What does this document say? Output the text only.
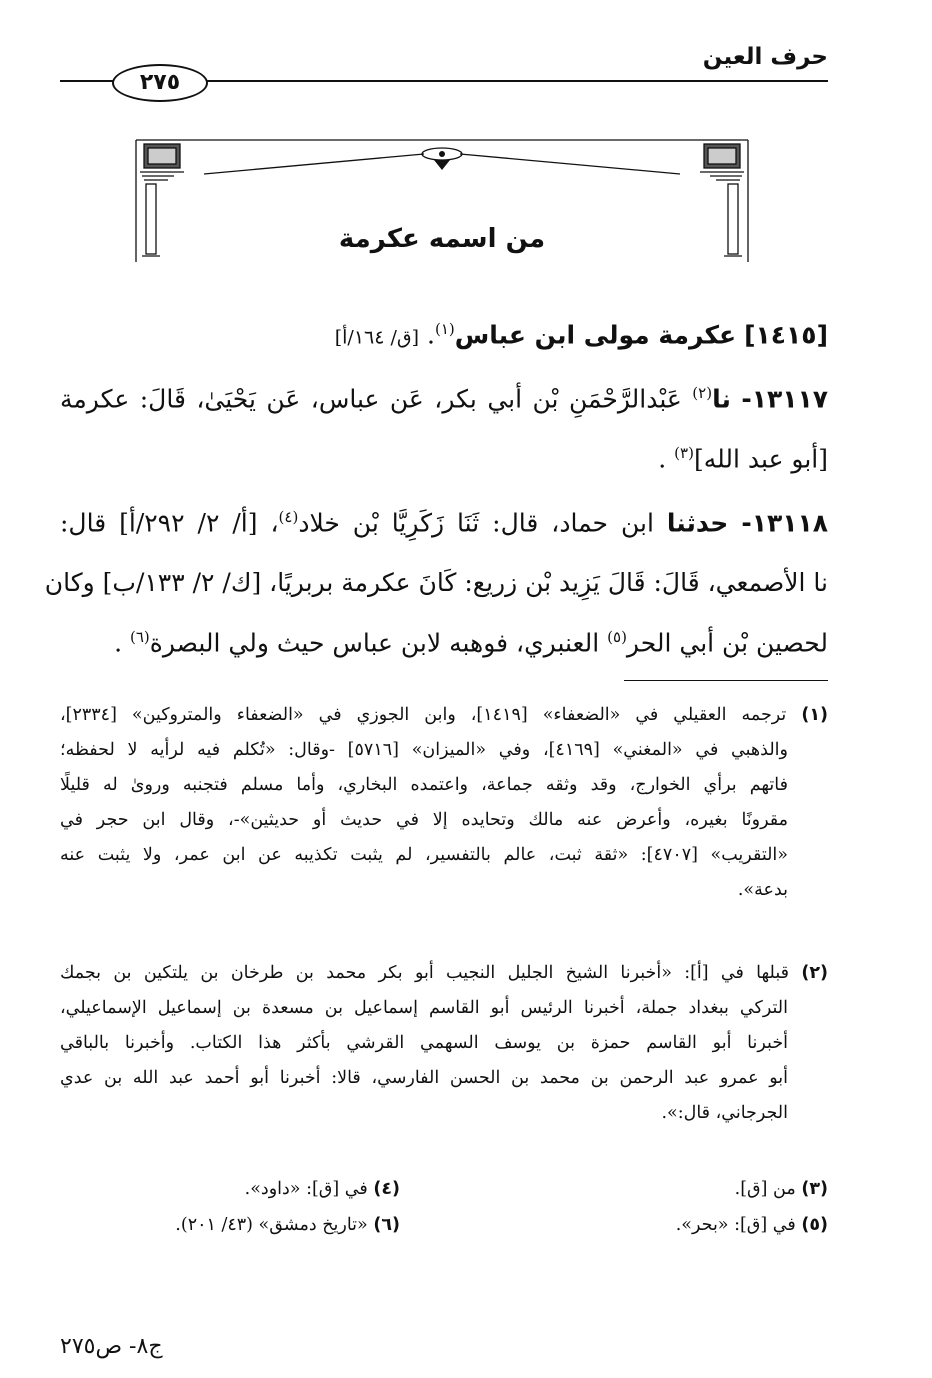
حرف العين
٢٧٥
من اسمه عكرمة
[١٤١٥] عكرمة مولى ابن عباس$^{(١)}$. [ق/ ١٦٤/أ]
١٣١١٧- نا$^{(٢)}$ عَبْدالرَّحْمَنِ بْن أبي بكر، عَن عباس، عَن يَحْيَىٰ، قَالَ: عكرمة
[أبو عبد الله]$^{(٣)}$ .
١٣١١٨- حدثنا ابن حماد، قال: ثَنَا زَكَرِيَّا بْن خلاد$^{(٤)}$، [أ/ ٢/ ٢٩٢/أ] قال:
نا الأصمعي، قَالَ: قَالَ يَزِيد بْن زريع: كَانَ عكرمة بربريًا، [ك/ ٢/ ١٣٣/ب] وكان
لحصين بْن أبي الحر$^{(٥)}$ العنبري، فوهبه لابن عباس حيث ولي البصرة$^{(٦)}$ .
(١) ترجمه العقيلي في «الضعفاء» [١٤١٩]، وابن الجوزي في «الضعفاء والمتروكين» [٢٣٣٤]،
والذهبي في «المغني» [٤١٦٩]، وفي «الميزان» [٥٧١٦] -وقال: «تُكلم فيه لرأيه لا لحفظه؛
فاتهم برأي الخوارج، وقد وثقه جماعة، واعتمده البخاري، وأما مسلم فتجنبه وروىٰ له قليلًا
مقرونًا بغيره، وأعرض عنه مالك وتحايده إلا في حديث أو حديثين»-، وقال ابن حجر في
«التقريب» [٤٧٠٧]: «ثقة ثبت، عالم بالتفسير، لم يثبت تكذيبه عن ابن عمر، ولا يثبت عنه
بدعة».
(٢) قبلها في [أ]: «أخبرنا الشيخ الجليل النجيب أبو بكر محمد بن طرخان بن يلتكين بن بجمك
التركي ببغداد جملة، أخبرنا الرئيس أبو القاسم إسماعيل بن مسعدة بن إسماعيل الإسماعيلي،
أخبرنا أبو القاسم حمزة بن يوسف السهمي القرشي بأكثر هذا الكتاب. وأخبرنا بالباقي
أبو عمرو عبد الرحمن بن محمد بن الحسن الفارسي، قالا: أخبرنا أبو أحمد عبد الله بن عدي
الجرجاني، قال:».
(٣) من [ق].
(٤) في [ق]: «داود».
(٥) في [ق]: «بحر».
(٦) «تاريخ دمشق» (٤٣/ ٢٠١).
ج٨- ص٢٧٥
